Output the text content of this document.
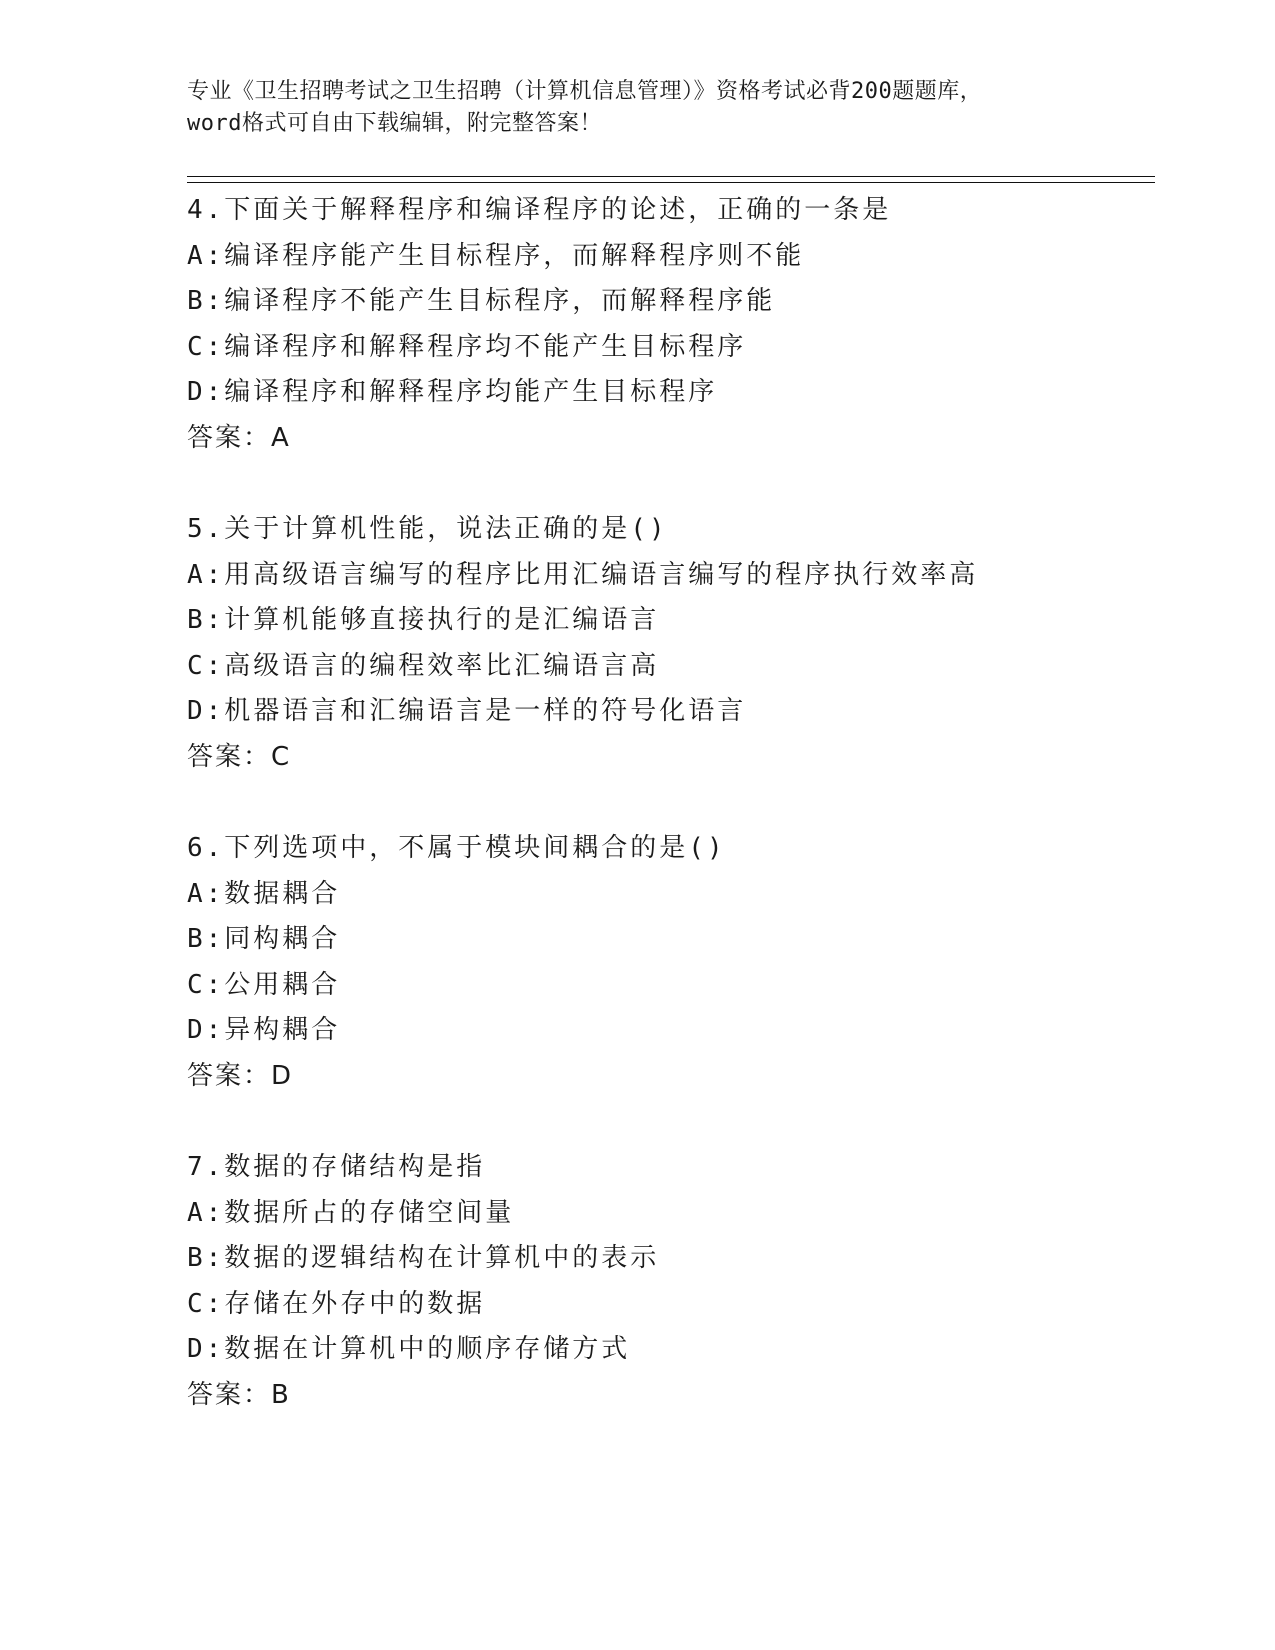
专业《卫生招聘考试之卫生招聘（计算机信息管理）》资格考试必背200题题库，
word格式可自由下载编辑，附完整答案！
4.下面关于解释程序和编译程序的论述，正确的一条是
A:编译程序能产生目标程序，而解释程序则不能
B:编译程序不能产生目标程序，而解释程序能
C:编译程序和解释程序均不能产生目标程序
D:编译程序和解释程序均能产生目标程序
答案：A
5.关于计算机性能，说法正确的是()
A:用高级语言编写的程序比用汇编语言编写的程序执行效率高
B:计算机能够直接执行的是汇编语言
C:高级语言的编程效率比汇编语言高
D:机器语言和汇编语言是一样的符号化语言
答案：C
6.下列选项中，不属于模块间耦合的是()
A:数据耦合
B:同构耦合
C:公用耦合
D:异构耦合
答案：D
7.数据的存储结构是指
A:数据所占的存储空间量
B:数据的逻辑结构在计算机中的表示
C:存储在外存中的数据
D:数据在计算机中的顺序存储方式
答案：B
